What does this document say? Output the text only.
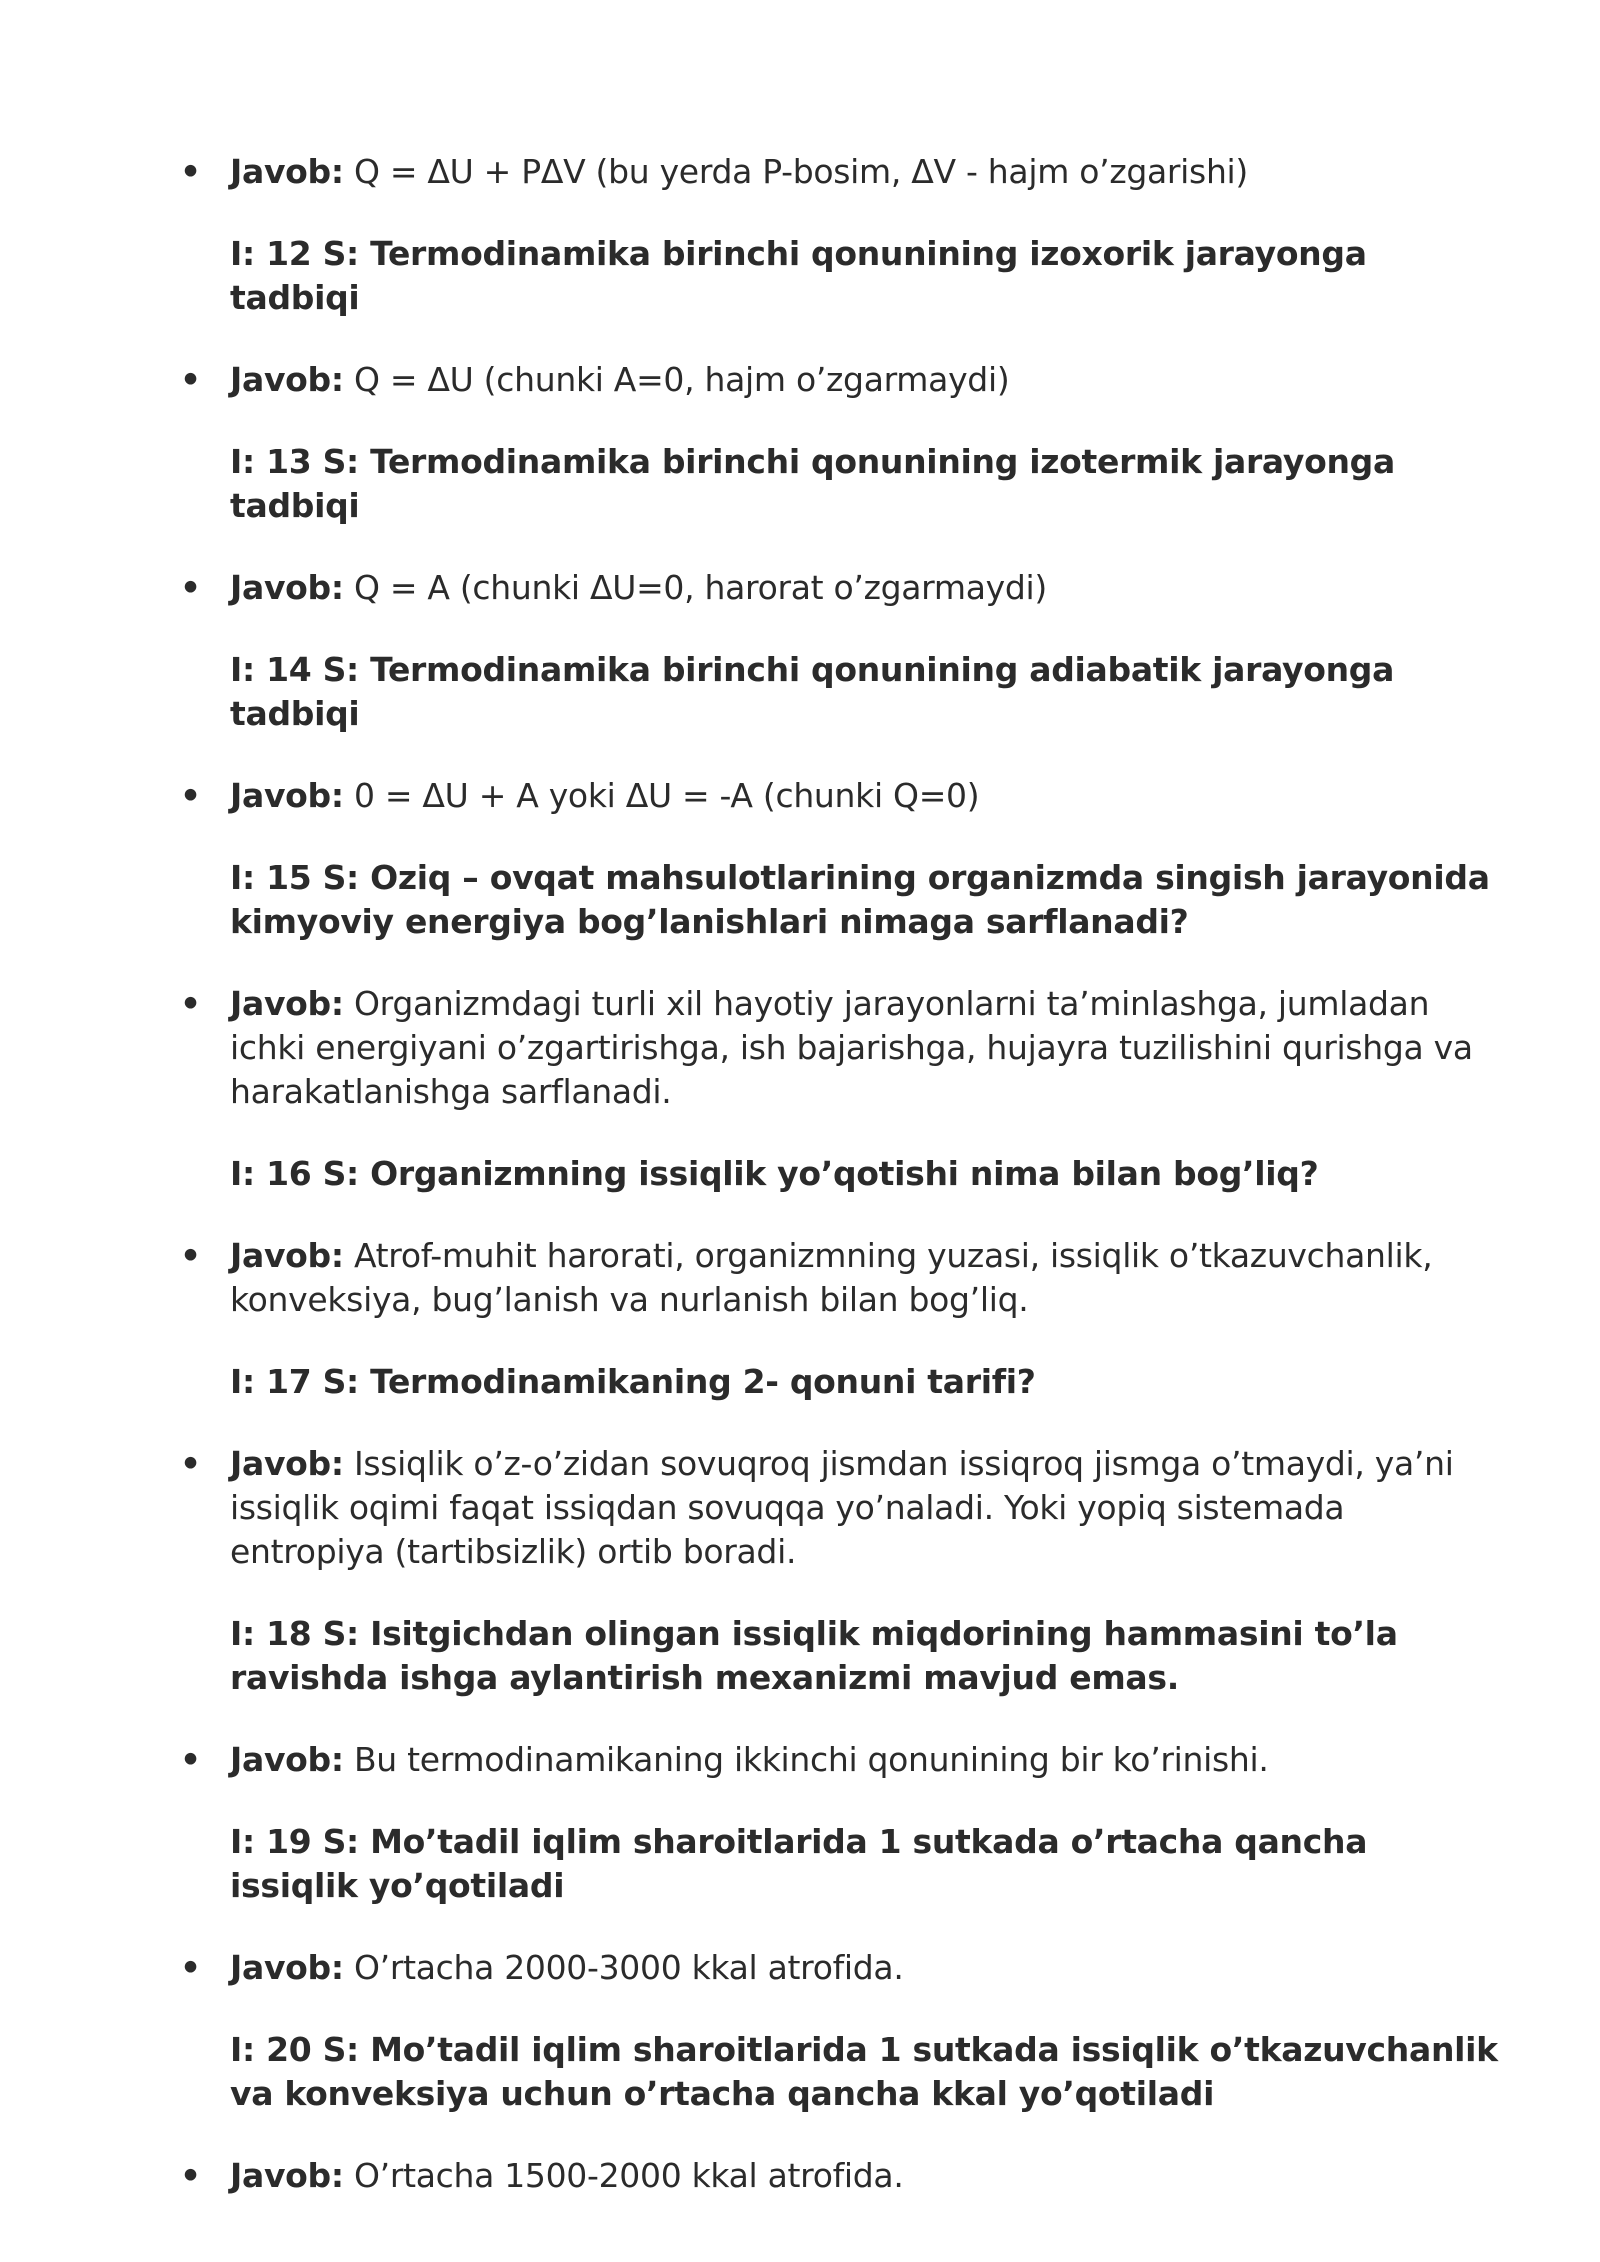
• Javob: Q = ΔU + PΔV (bu yerda P-bosim, ΔV - hajm o’zgarishi)
I: 12 S: Termodinamika birinchi qonunining izoxorik jarayonga tadbiqi
• Javob: Q = ΔU (chunki A=0, hajm o’zgarmaydi)
I: 13 S: Termodinamika birinchi qonunining izotermik jarayonga tadbiqi
• Javob: Q = A (chunki ΔU=0, harorat o’zgarmaydi)
I: 14 S: Termodinamika birinchi qonunining adiabatik jarayonga tadbiqi
• Javob: 0 = ΔU + A yoki ΔU = -A (chunki Q=0)
I: 15 S: Oziq – ovqat mahsulotlarining organizmda singish jarayonida kimyoviy energiya bog’lanishlari nimaga sarflanadi?
• Javob: Organizmdagi turli xil hayotiy jarayonlarni ta’minlashga, jumladan ichki energiyani o’zgartirishga, ish bajarishga, hujayra tuzilishini qurishga va harakatlanishga sarflanadi.
I: 16 S: Organizmning issiqlik yo’qotishi nima bilan bog’liq?
• Javob: Atrof-muhit harorati, organizmning yuzasi, issiqlik o’tkazuvchanlik, konveksiya, bug’lanish va nurlanish bilan bog’liq.
I: 17 S: Termodinamikaning 2- qonuni tarifi?
• Javob: Issiqlik o’z-o’zidan sovuqroq jismdan issiqroq jismga o’tmaydi, ya’ni issiqlik oqimi faqat issiqdan sovuqqa yo’naladi. Yoki yopiq sistemada entropiya (tartibsizlik) ortib boradi.
I: 18 S: Isitgichdan olingan issiqlik miqdorining hammasini to’la ravishda ishga aylantirish mexanizmi mavjud emas.
• Javob: Bu termodinamikaning ikkinchi qonunining bir ko’rinishi.
I: 19 S: Mo’tadil iqlim sharoitlarida 1 sutkada o’rtacha qancha issiqlik yo’qotiladi
• Javob: O’rtacha 2000-3000 kkal atrofida.
I: 20 S: Mo’tadil iqlim sharoitlarida 1 sutkada issiqlik o’tkazuvchanlik va konveksiya uchun o’rtacha qancha kkal yo’qotiladi
• Javob: O’rtacha 1500-2000 kkal atrofida.
